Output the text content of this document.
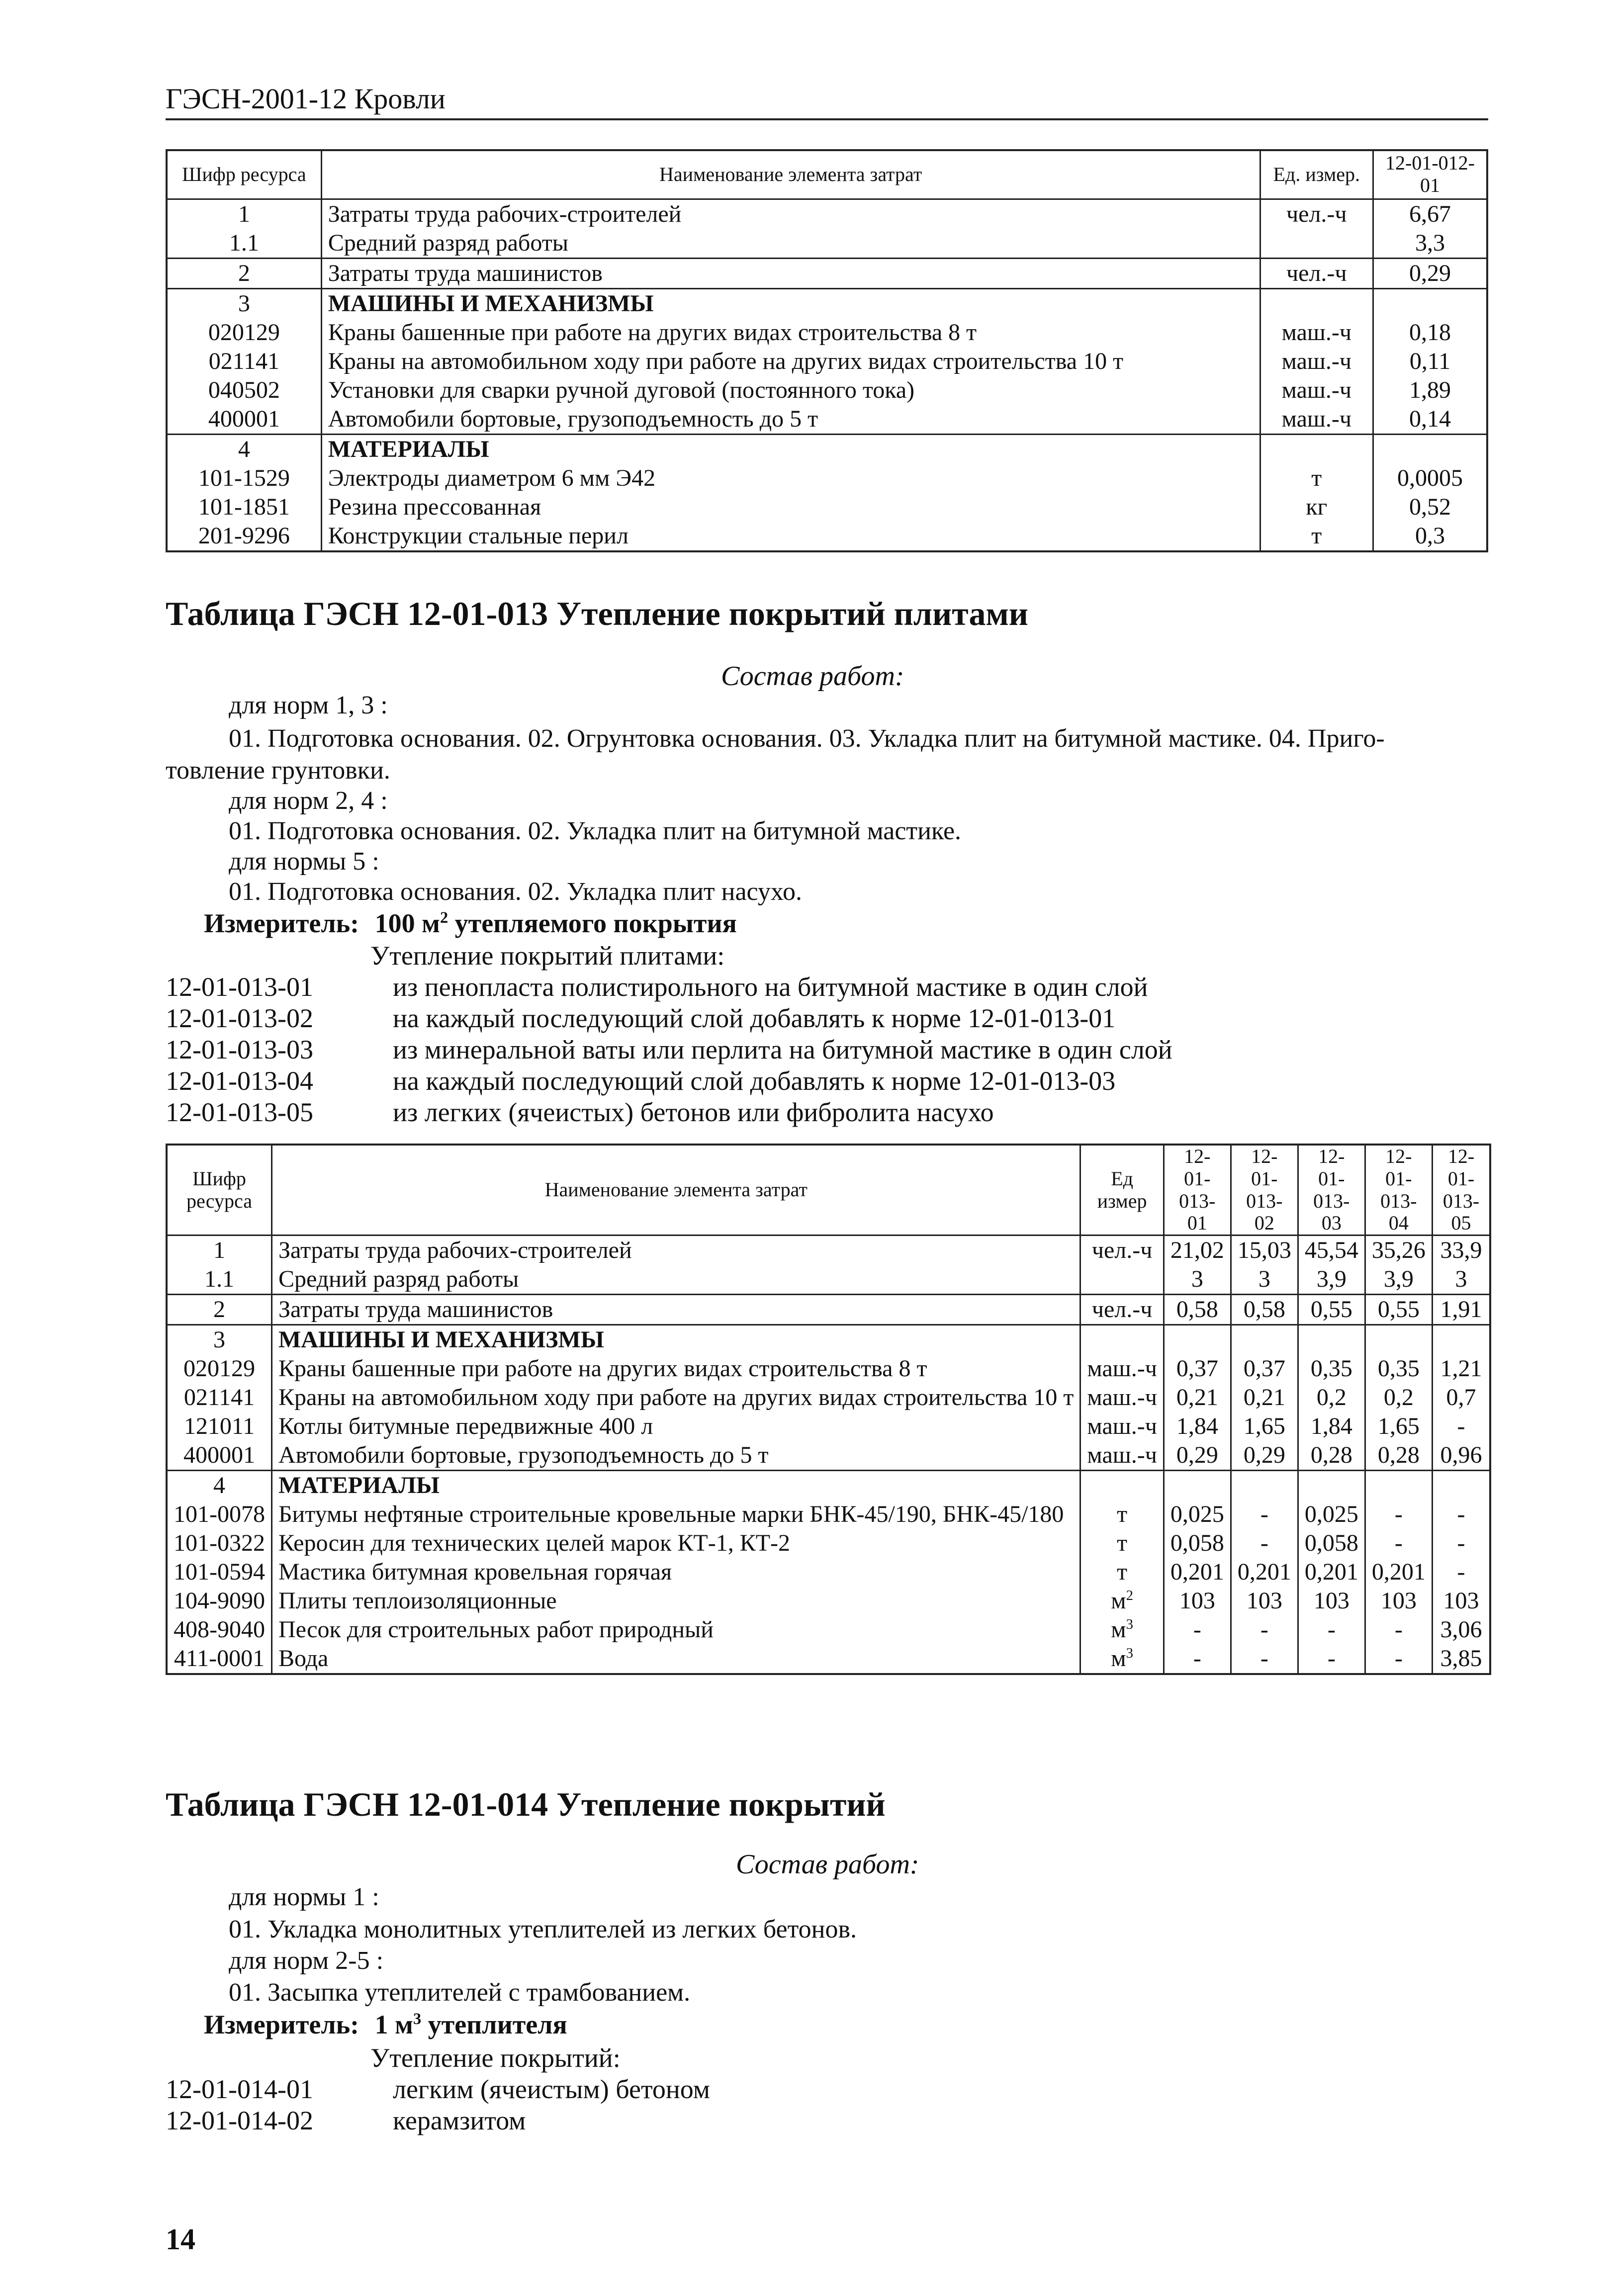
ГЭСН-2001-12 Кровли
Шифр ресурса	Наименование элемента затрат	Ед. измер.	12-01-012-01
1	Затраты труда рабочих-строителей	чел.-ч	6,67
1.1	Средний разряд работы		3,3
2	Затраты труда машинистов	чел.-ч	0,29
3	МАШИНЫ И МЕХАНИЗМЫ		
020129	Краны башенные при работе на других видах строительства 8 т	маш.-ч	0,18
021141	Краны на автомобильном ходу при работе на других видах строительства 10 т	маш.-ч	0,11
040502	Установки для сварки ручной дуговой (постоянного тока)	маш.-ч	1,89
400001	Автомобили бортовые, грузоподъемность до 5 т	маш.-ч	0,14
4	МАТЕРИАЛЫ		
101-1529	Электроды диаметром 6 мм Э42	т	0,0005
101-1851	Резина прессованная	кг	0,52
201-9296	Конструкции стальные перил	т	0,3
Таблица ГЭСН 12-01-013 Утепление покрытий плитами
Состав работ:
для норм 1, 3 :
01. Подготовка основания. 02. Огрунтовка основания. 03. Укладка плит на битумной мастике. 04. Приго-
товление грунтовки.
для норм 2, 4 :
01. Подготовка основания. 02. Укладка плит на битумной мастике.
для нормы 5 :
01. Подготовка основания. 02. Укладка плит насухо.
Измеритель: 100 $м^2$ утепляемого покрытия
Утепление покрытий плитами:
12-01-013-01	из пенопласта полистирольного на битумной мастике в один слой
12-01-013-02	на каждый последующий слой добавлять к норме 12-01-013-01
12-01-013-03	из минеральной ваты или перлита на битумной мастике в один слой
12-01-013-04	на каждый последующий слой добавлять к норме 12-01-013-03
12-01-013-05	из легких (ячеистых) бетонов или фибролита насухо
Шифр ресурса	Наименование элемента затрат	Ед измер	12-01-013-01	12-01-013-02	12-01-013-03	12-01-013-04	12-01-013-05
1	Затраты труда рабочих-строителей	чел.-ч	21,02	15,03	45,54	35,26	33,9
1.1	Средний разряд работы		3	3	3,9	3,9	3
2	Затраты труда машинистов	чел.-ч	0,58	0,58	0,55	0,55	1,91
3	МАШИНЫ И МЕХАНИЗМЫ						
020129	Краны башенные при работе на других видах строительства 8 т	маш.-ч	0,37	0,37	0,35	0,35	1,21
021141	Краны на автомобильном ходу при работе на других видах строительства 10 т	маш.-ч	0,21	0,21	0,2	0,2	0,7
121011	Котлы битумные передвижные 400 л	маш.-ч	1,84	1,65	1,84	1,65	-
400001	Автомобили бортовые, грузоподъемность до 5 т	маш.-ч	0,29	0,29	0,28	0,28	0,96
4	МАТЕРИАЛЫ						
101-0078	Битумы нефтяные строительные кровельные марки БНК-45/190, БНК-45/180	т	0,025	-	0,025	-	-
101-0322	Керосин для технических целей марок КТ-1, КТ-2	т	0,058	-	0,058	-	-
101-0594	Мастика битумная кровельная горячая	т	0,201	0,201	0,201	0,201	-
104-9090	Плиты теплоизоляционные	$м^2$	103	103	103	103	103
408-9040	Песок для строительных работ природный	$м^3$	-	-	-	-	3,06
411-0001	Вода	$м^3$	-	-	-	-	3,85
Таблица ГЭСН 12-01-014 Утепление покрытий
Состав работ:
для нормы 1 :
01. Укладка монолитных утеплителей из легких бетонов.
для норм 2-5 :
01. Засыпка утеплителей с трамбованием.
Измеритель: 1 $м^3$ утеплителя
Утепление покрытий:
12-01-014-01	легким (ячеистым) бетоном
12-01-014-02	керамзитом
14
